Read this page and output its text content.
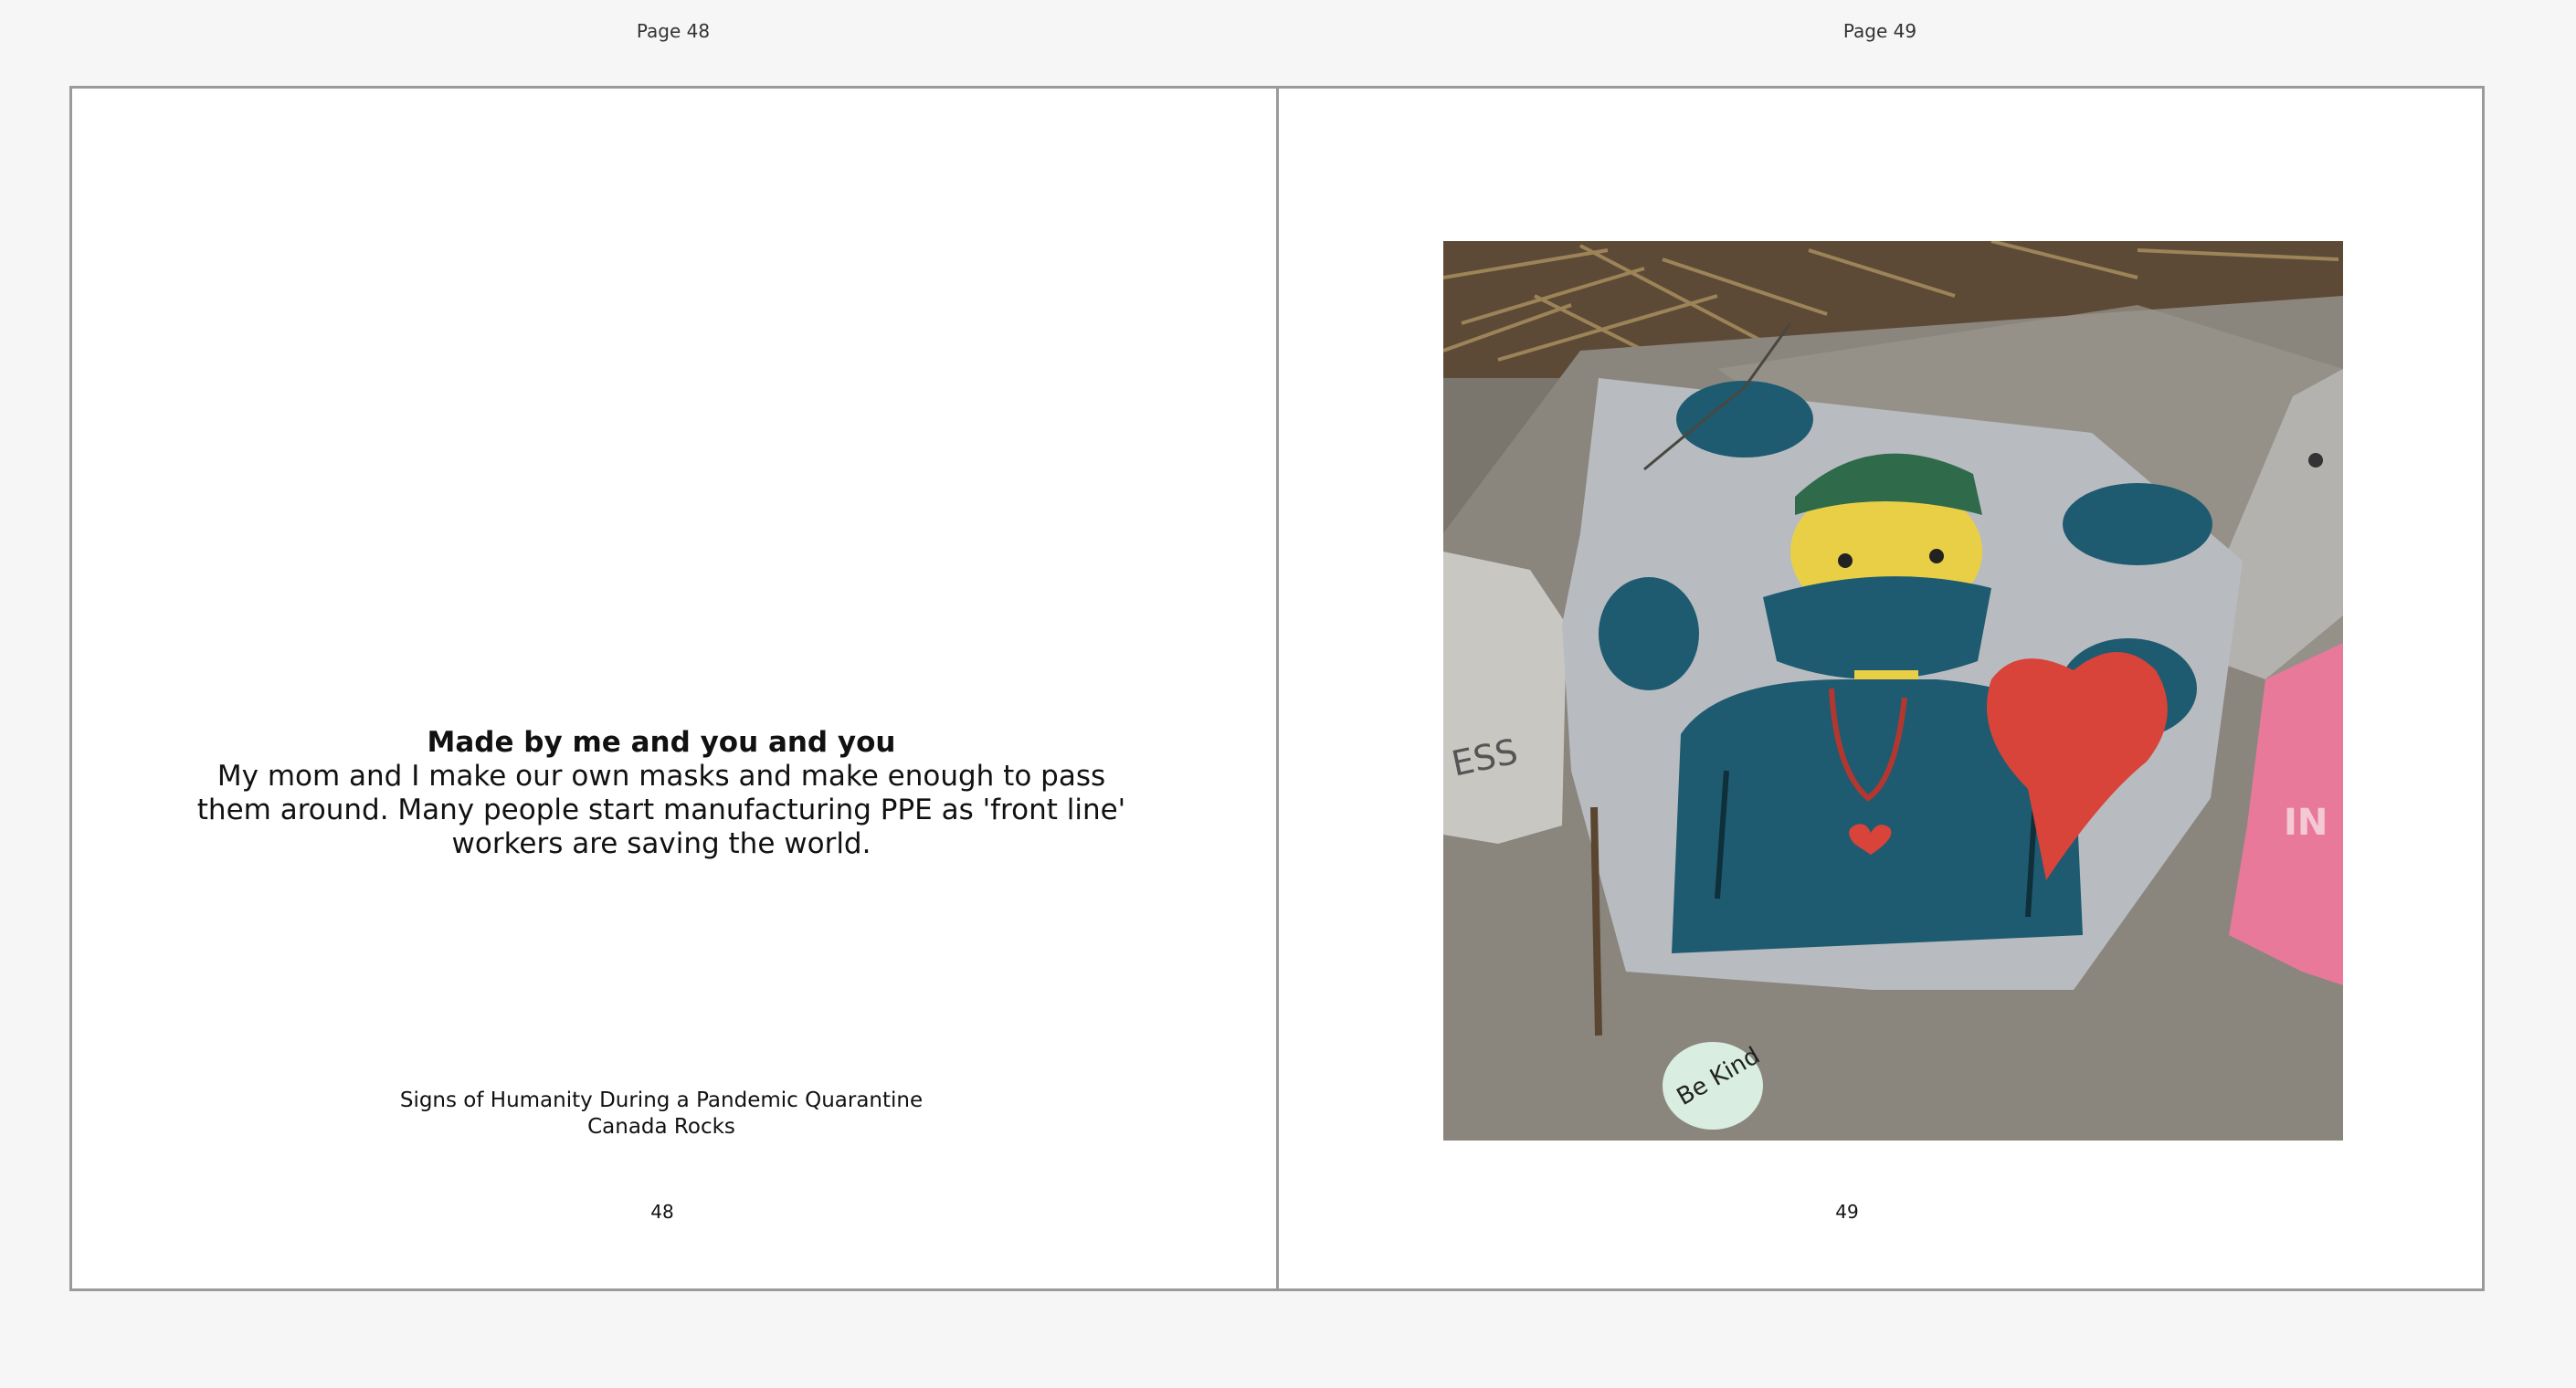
Page 48	Page 49
Made by me and you and you
My mom and I make our own masks and make enough to pass them around. Many people start manufacturing PPE as 'front line' workers are saving the world.
Signs of Humanity During a Pandemic Quarantine
Canada Rocks
48
ESS
IN
Be Kind
49
